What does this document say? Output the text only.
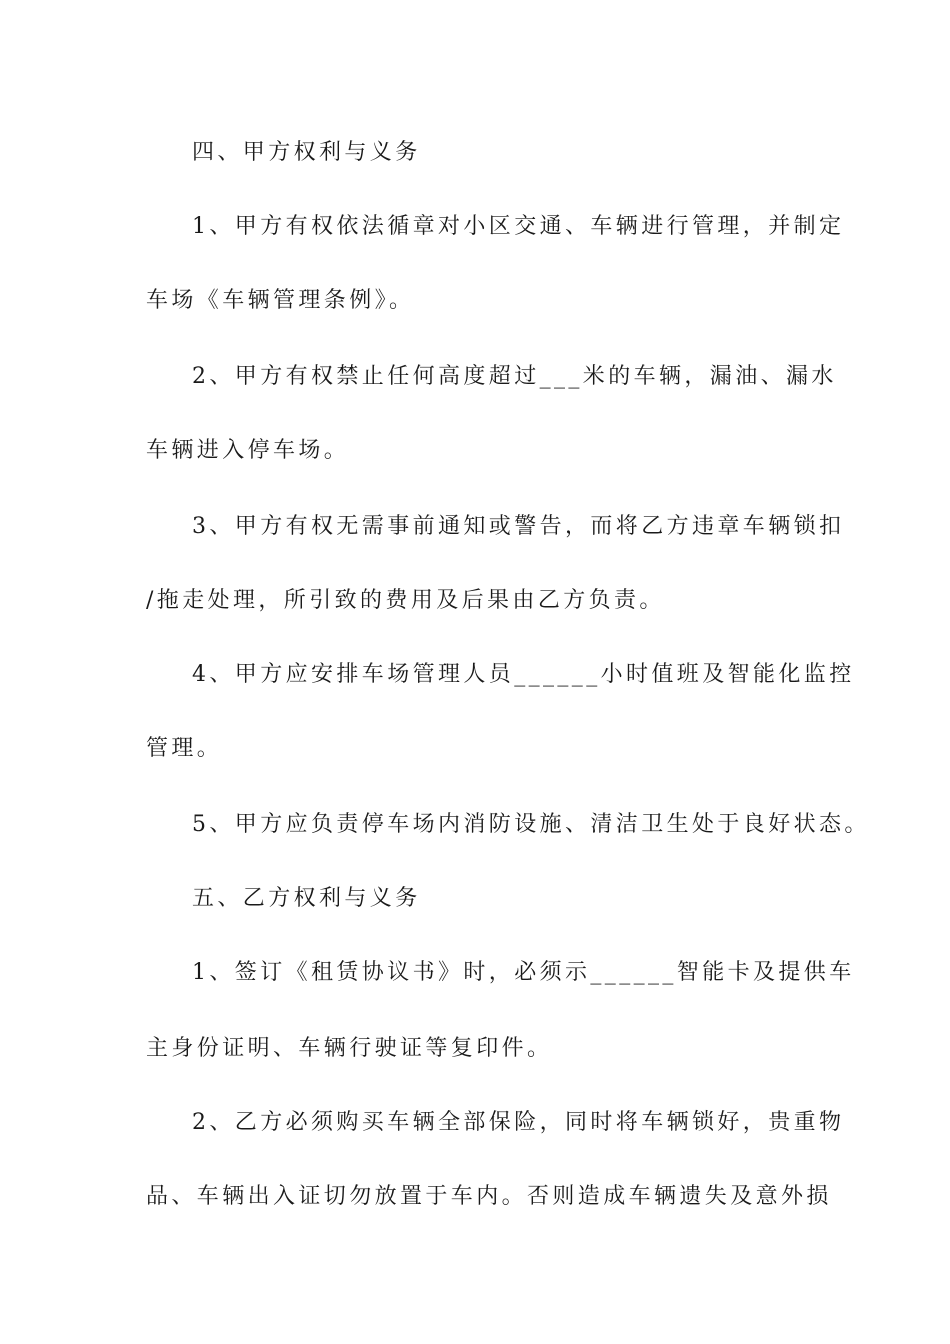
四、甲方权利与义务
1、甲方有权依法循章对小区交通、车辆进行管理，并制定
车场《车辆管理条例》。
2、甲方有权禁止任何高度超过___米的车辆，漏油、漏水
车辆进入停车场。
3、甲方有权无需事前通知或警告，而将乙方违章车辆锁扣
/拖走处理，所引致的费用及后果由乙方负责。
4、甲方应安排车场管理人员______小时值班及智能化监控
管理。
5、甲方应负责停车场内消防设施、清洁卫生处于良好状态。
五、乙方权利与义务
1、签订《租赁协议书》时，必须示______智能卡及提供车
主身份证明、车辆行驶证等复印件。
2、乙方必须购买车辆全部保险，同时将车辆锁好，贵重物
品、车辆出入证切勿放置于车内。否则造成车辆遗失及意外损
